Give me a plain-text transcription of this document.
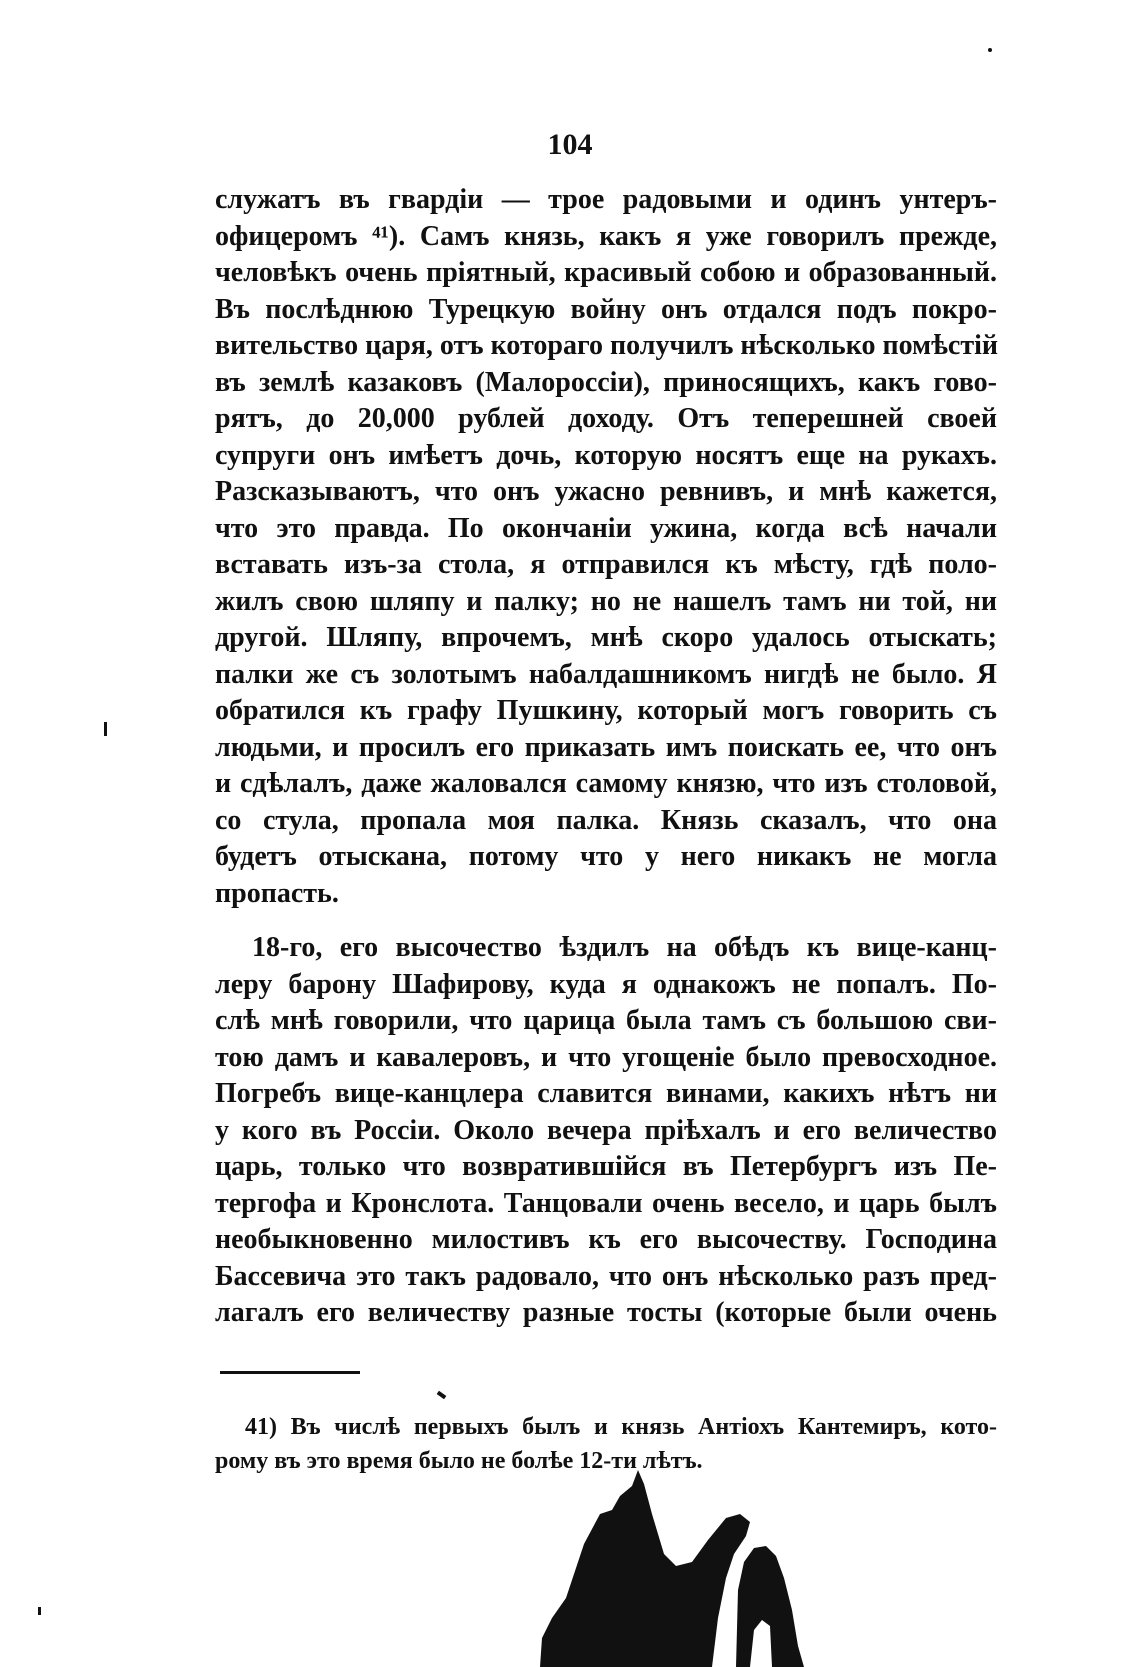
104
служатъ въ гвардіи — трое радовыми и одинъ унтеръ-
офицеромъ ⁴¹). Самъ князь, какъ я уже говорилъ прежде,
человѣкъ очень пріятный, красивый собою и образованный.
Въ послѣднюю Турецкую войну онъ отдался подъ покро-
вительство царя, отъ котораго получилъ нѣсколько помѣстій
въ землѣ казаковъ (Малороссіи), приносящихъ, какъ гово-
рятъ, до 20,000 рублей доходу. Отъ теперешней своей
супруги онъ имѣетъ дочь, которую носятъ еще на рукахъ.
Разсказываютъ, что онъ ужасно ревнивъ, и мнѣ кажется,
что это правда. По окончаніи ужина, когда всѣ начали
вставать изъ-за стола, я отправился къ мѣсту, гдѣ поло-
жилъ свою шляпу и палку; но не нашелъ тамъ ни той, ни
другой. Шляпу, впрочемъ, мнѣ скоро удалось отыскать;
палки же съ золотымъ набалдашникомъ нигдѣ не было. Я
обратился къ графу Пушкину, который могъ говорить съ
людьми, и просилъ его приказать имъ поискать ее, что онъ
и сдѣлалъ, даже жаловался самому князю, что изъ столовой,
со стула, пропала моя палка. Князь сказалъ, что она
будетъ отыскана, потому что у него никакъ не могла
пропасть.
18-го, его высочество ѣздилъ на обѣдъ къ вице-канц-
леру барону Шафирову, куда я однакожъ не попалъ. По-
слѣ мнѣ говорили, что царица была тамъ съ большою сви-
тою дамъ и кавалеровъ, и что угощеніе было превосходное.
Погребъ вице-канцлера славится винами, какихъ нѣтъ ни
у кого въ Россіи. Около вечера пріѣхалъ и его величество
царь, только что возвратившійся въ Петербургъ изъ Пе-
тергофа и Кронслота. Танцовали очень весело, и царь былъ
необыкновенно милостивъ къ его высочеству. Господина
Бассевича это такъ радовало, что онъ нѣсколько разъ пред-
лагалъ его величеству разные тосты (которые были очень
41) Въ числѣ первыхъ былъ и князь Антіохъ Кантемиръ, кото-
рому въ это время было не болѣе 12-ти лѣтъ.
